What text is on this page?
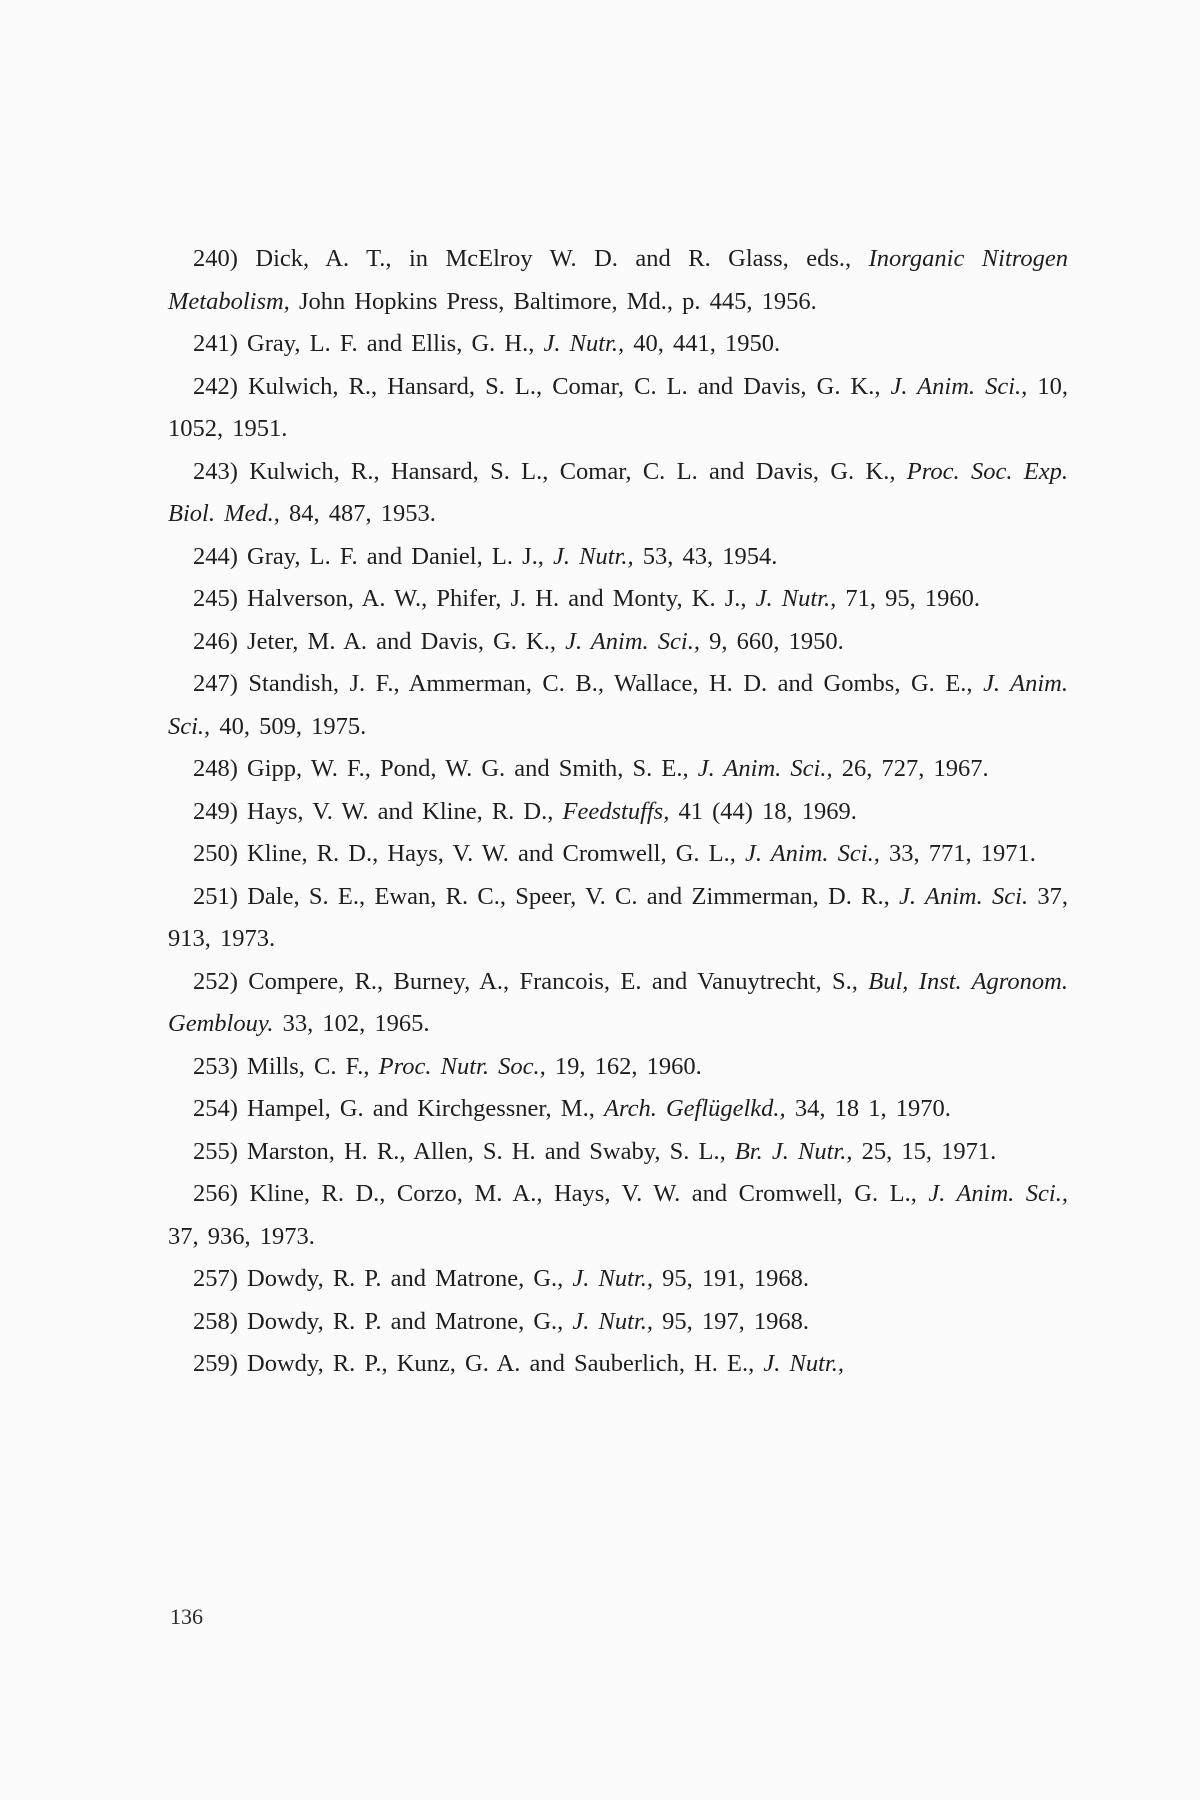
240) Dick, A. T., in McElroy W. D. and R. Glass, eds., Inorganic Nitrogen Metabolism, John Hopkins Press, Baltimore, Md., p. 445, 1956.

241) Gray, L. F. and Ellis, G. H., J. Nutr., 40, 441, 1950.

242) Kulwich, R., Hansard, S. L., Comar, C. L. and Davis, G. K., J. Anim. Sci., 10, 1052, 1951.

243) Kulwich, R., Hansard, S. L., Comar, C. L. and Davis, G. K., Proc. Soc. Exp. Biol. Med., 84, 487, 1953.

244) Gray, L. F. and Daniel, L. J., J. Nutr., 53, 43, 1954.

245) Halverson, A. W., Phifer, J. H. and Monty, K. J., J. Nutr., 71, 95, 1960.

246) Jeter, M. A. and Davis, G. K., J. Anim. Sci., 9, 660, 1950.

247) Standish, J. F., Ammerman, C. B., Wallace, H. D. and Gombs, G. E., J. Anim. Sci., 40, 509, 1975.

248) Gipp, W. F., Pond, W. G. and Smith, S. E., J. Anim. Sci., 26, 727, 1967.

249) Hays, V. W. and Kline, R. D., Feedstuffs, 41 (44) 18, 1969.

250) Kline, R. D., Hays, V. W. and Cromwell, G. L., J. Anim. Sci., 33, 771, 1971.

251) Dale, S. E., Ewan, R. C., Speer, V. C. and Zimmerman, D. R., J. Anim. Sci. 37, 913, 1973.

252) Compere, R., Burney, A., Francois, E. and Vanuytrecht, S., Bul, Inst. Agronom. Gemblouy. 33, 102, 1965.

253) Mills, C. F., Proc. Nutr. Soc., 19, 162, 1960.

254) Hampel, G. and Kirchgessner, M., Arch. Geflügelkd., 34, 18 1, 1970.

255) Marston, H. R., Allen, S. H. and Swaby, S. L., Br. J. Nutr., 25, 15, 1971.

256) Kline, R. D., Corzo, M. A., Hays, V. W. and Cromwell, G. L., J. Anim. Sci., 37, 936, 1973.

257) Dowdy, R. P. and Matrone, G., J. Nutr., 95, 191, 1968.

258) Dowdy, R. P. and Matrone, G., J. Nutr., 95, 197, 1968.

259) Dowdy, R. P., Kunz, G. A. and Sauberlich, H. E., J. Nutr.,

136
